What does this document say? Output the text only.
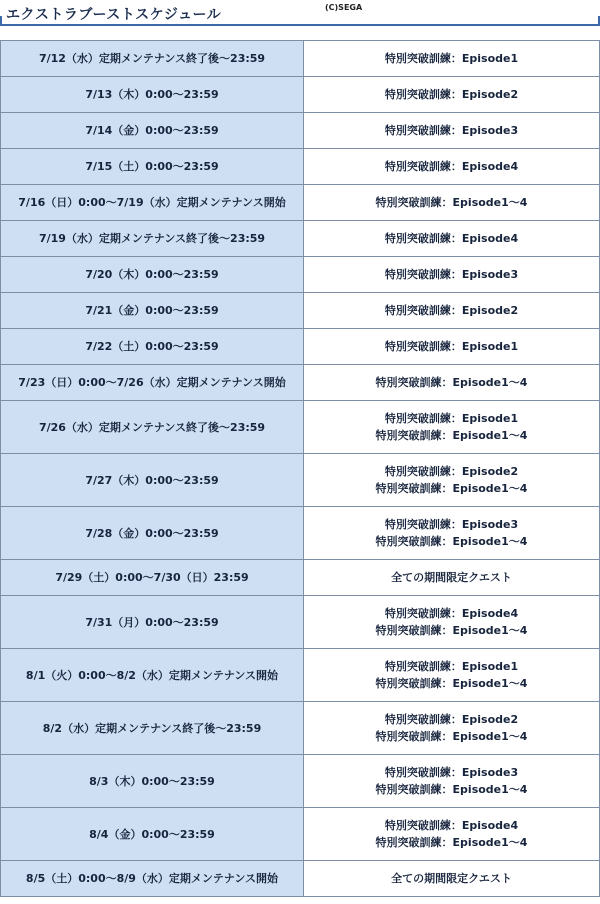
エクストラブーストスケジュール	(C)SEGA
7/12（水）定期メンテナンス終了後～23:59	特別突破訓練：Episode1

7/13（木）0:00～23:59	特別突破訓練：Episode2

7/14（金）0:00～23:59	特別突破訓練：Episode3

7/15（土）0:00～23:59	特別突破訓練：Episode4

7/16（日）0:00～7/19（水）定期メンテナンス開始	特別突破訓練：Episode1～4

7/19（水）定期メンテナンス終了後～23:59	特別突破訓練：Episode4

7/20（木）0:00～23:59	特別突破訓練：Episode3

7/21（金）0:00～23:59	特別突破訓練：Episode2

7/22（土）0:00～23:59	特別突破訓練：Episode1

7/23（日）0:00～7/26（水）定期メンテナンス開始	特別突破訓練：Episode1～4

7/26（水）定期メンテナンス終了後～23:59	特別突破訓練：Episode1
特別突破訓練：Episode1～4

7/27（木）0:00～23:59	特別突破訓練：Episode2
特別突破訓練：Episode1～4

7/28（金）0:00～23:59	特別突破訓練：Episode3
特別突破訓練：Episode1～4

7/29（土）0:00～7/30（日）23:59	全ての期間限定クエスト

7/31（月）0:00～23:59	特別突破訓練：Episode4
特別突破訓練：Episode1～4

8/1（火）0:00～8/2（水）定期メンテナンス開始	特別突破訓練：Episode1
特別突破訓練：Episode1～4

8/2（水）定期メンテナンス終了後～23:59	特別突破訓練：Episode2
特別突破訓練：Episode1～4

8/3（木）0:00～23:59	特別突破訓練：Episode3
特別突破訓練：Episode1～4

8/4（金）0:00～23:59	特別突破訓練：Episode4
特別突破訓練：Episode1～4

8/5（土）0:00～8/9（水）定期メンテナンス開始	全ての期間限定クエスト
